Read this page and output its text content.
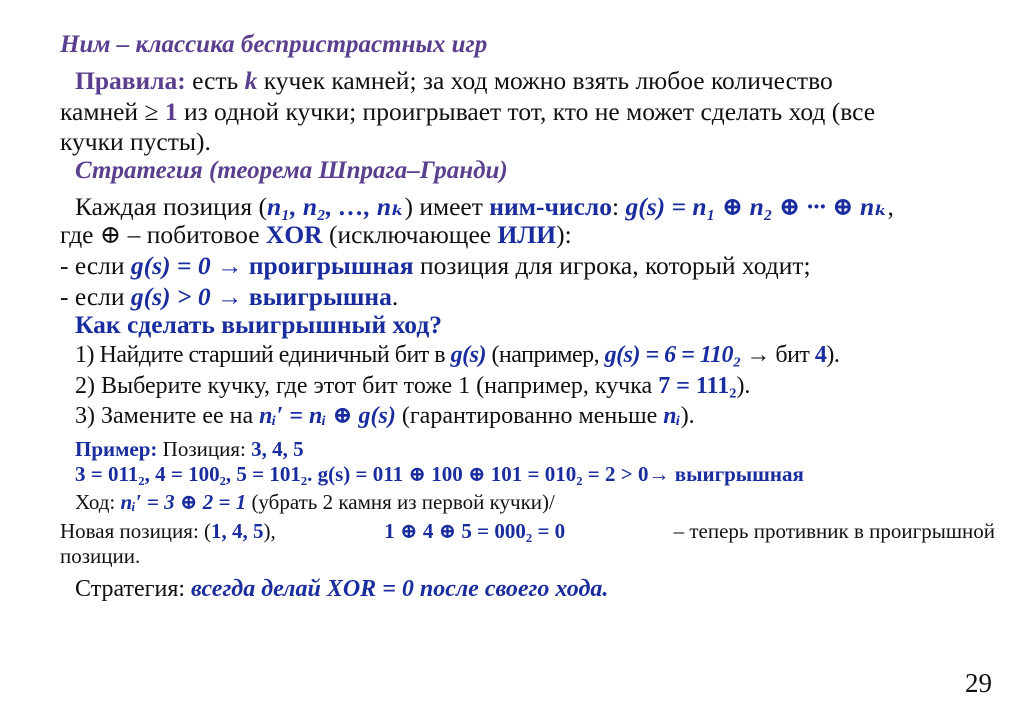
Ним – классика беспристрастных игр
Правила: есть k кучек камней; за ход можно взять любое количество
камней ≥ 1 из одной кучки; проигрывает тот, кто не может сделать ход (все
кучки пусты).
Стратегия (теорема Шпрага–Гранди)
Каждая позиция (n₁, n₂, …, nₖ) имеет ним-число: g(s) = n₁ ⊕ n₂ ⊕ ··· ⊕ nₖ,
где ⊕ – побитовое XOR (исключающее ИЛИ):
- если g(s) = 0 → проигрышная позиция для игрока, который ходит;
- если g(s) > 0 → выигрышна.
Как сделать выигрышный ход?
1) Найдите старший единичный бит в g(s) (например, g(s) = 6 = 110₂ → бит 4).
2) Выберите кучку, где этот бит тоже 1 (например, кучка 7 = 111₂).
3) Замените ее на nᵢ′ = nᵢ ⊕ g(s) (гарантированно меньше nᵢ).
Пример: Позиция: 3, 4, 5
3 = 011₂, 4 = 100₂, 5 = 101₂. g(s) = 011 ⊕ 100 ⊕ 101 = 010₂ = 2 > 0→ выигрышная
Ход: nᵢ′ = 3 ⊕ 2 = 1 (убрать 2 камня из первой кучки)/
Новая позиция: (1, 4, 5),	1 ⊕ 4 ⊕ 5 = 000₂ = 0	– теперь противник в проигрышной
позиции.
Стратегия: всегда делай XOR = 0 после своего хода.
29
